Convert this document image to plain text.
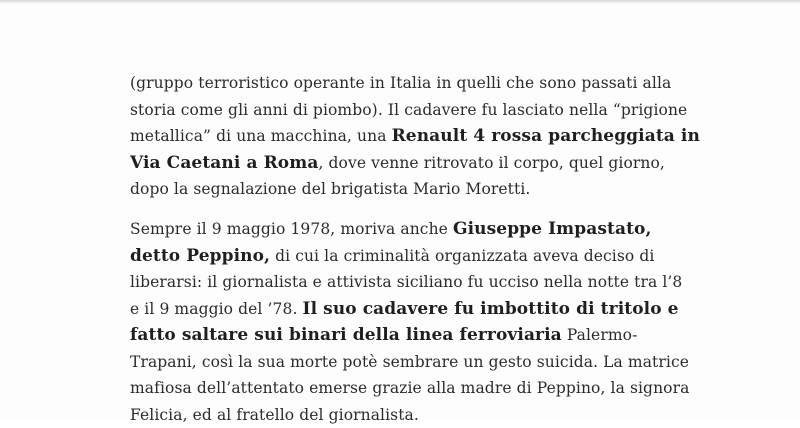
(gruppo terroristico operante in Italia in quelli che sono passati alla
storia come gli anni di piombo). Il cadavere fu lasciato nella “prigione
metallica” di una macchina, una Renault 4 rossa parcheggiata in
Via Caetani a Roma, dove venne ritrovato il corpo, quel giorno,
dopo la segnalazione del brigatista Mario Moretti.
Sempre il 9 maggio 1978, moriva anche Giuseppe Impastato,
detto Peppino, di cui la criminalità organizzata aveva deciso di
liberarsi: il giornalista e attivista siciliano fu ucciso nella notte tra l’8
e il 9 maggio del ’78. Il suo cadavere fu imbottito di tritolo e
fatto saltare sui binari della linea ferroviaria Palermo-
Trapani, così la sua morte potè sembrare un gesto suicida. La matrice
mafiosa dell’attentato emerse grazie alla madre di Peppino, la signora
Felicia, ed al fratello del giornalista.
